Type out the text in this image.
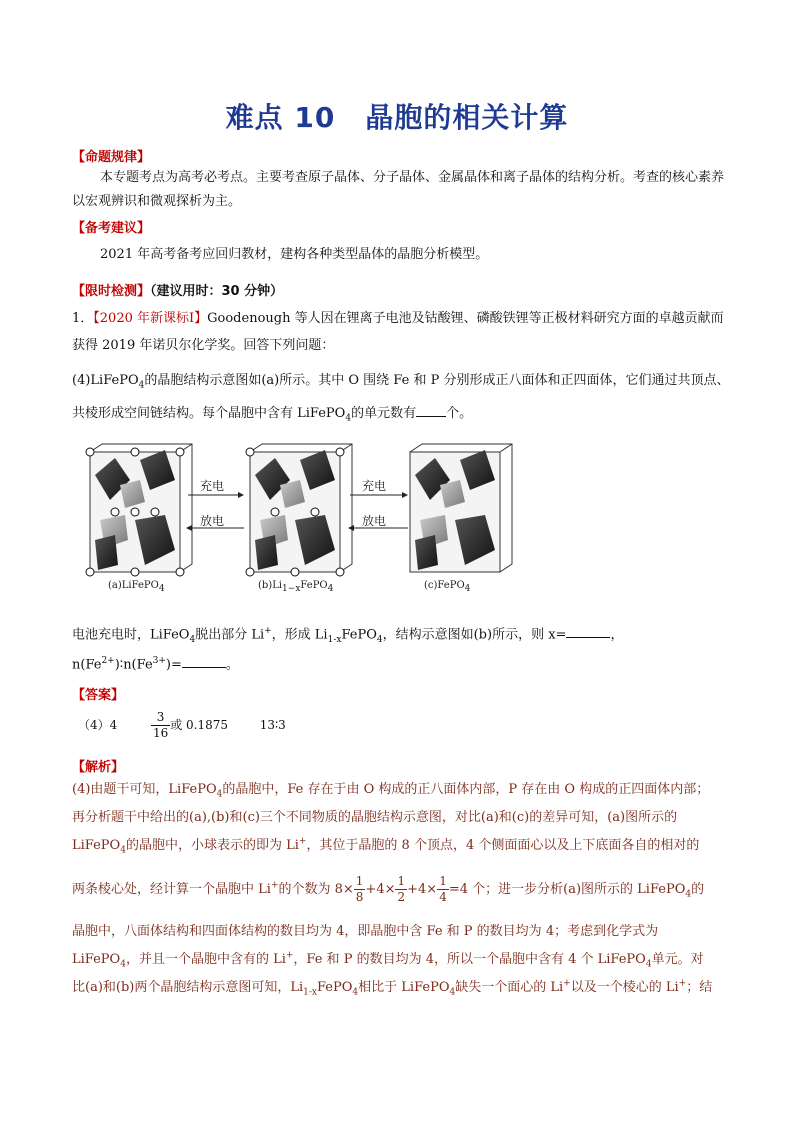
难点 10 晶胞的相关计算
【命题规律】
本专题考点为高考必考点。主要考查原子晶体、分子晶体、金属晶体和离子晶体的结构分析。考查的核心素养以宏观辨识和微观探析为主。
【备考建议】
2021 年高考备考应回归教材，建构各种类型晶体的晶胞分析模型。
【限时检测】（建议用时：30 分钟）
1．【2020 年新课标Ⅰ】Goodenough 等人因在锂离子电池及钴酸锂、磷酸铁锂等正极材料研究方面的卓越贡献而获得 2019 年诺贝尔化学奖。回答下列问题：
(4)LiFePO$_4$的晶胞结构示意图如(a)所示。其中 O 围绕 Fe 和 P 分别形成正八面体和正四面体，它们通过共顶点、共棱形成空间链结构。每个晶胞中含有 LiFePO$_4$的单元数有 个。
充电
放电
充电
放电
(a)LiFePO$_4$	$(b)Li_{1-x}FePO_4$	(c)FePO$_4$
电池充电时，LiFeO$_4$脱出部分 Li+，形成 $Li_{1-x}FePO_4$，结构示意图如(b)所示，则 x=	，
$n(Fe^{2+})∶n(Fe^{3+})=$	。
【答案】
（4）4	$\frac{3}{16}$ 或 0.1875	13∶3
【解析】
(4)由题干可知，LiFePO$_4$的晶胞中，Fe 存在于由 O 构成的正八面体内部，P 存在由 O 构成的正四面体内部；
再分析题干中给出的(a),(b)和(c)三个不同物质的晶胞结构示意图，对比(a)和(c)的差异可知，(a)图所示的
LiFePO$_4$的晶胞中，小球表示的即为 Li+，其位于晶胞的 8 个顶点，4 个侧面面心以及上下底面各自的相对的
两条棱心处，经计算一个晶胞中 Li+的个数为 $8\times \frac{1}{8} +4\times \frac{1}{2} +4\times \frac{1}{4} =4$ 个；进一步分析(a)图所示的 LiFePO$_4$的
晶胞中，八面体结构和四面体结构的数目均为 4，即晶胞中含 Fe 和 P 的数目均为 4；考虑到化学式为
LiFePO$_4$，并且一个晶胞中含有的 Li+，Fe 和 P 的数目均为 4，所以一个晶胞中含有 4 个 LiFePO$_4$单元。对
比(a)和(b)两个晶胞结构示意图可知，$Li_{1-x}FePO_4$相比于 LiFePO$_4$缺失一个面心的 Li+以及一个棱心的 Li+；结
